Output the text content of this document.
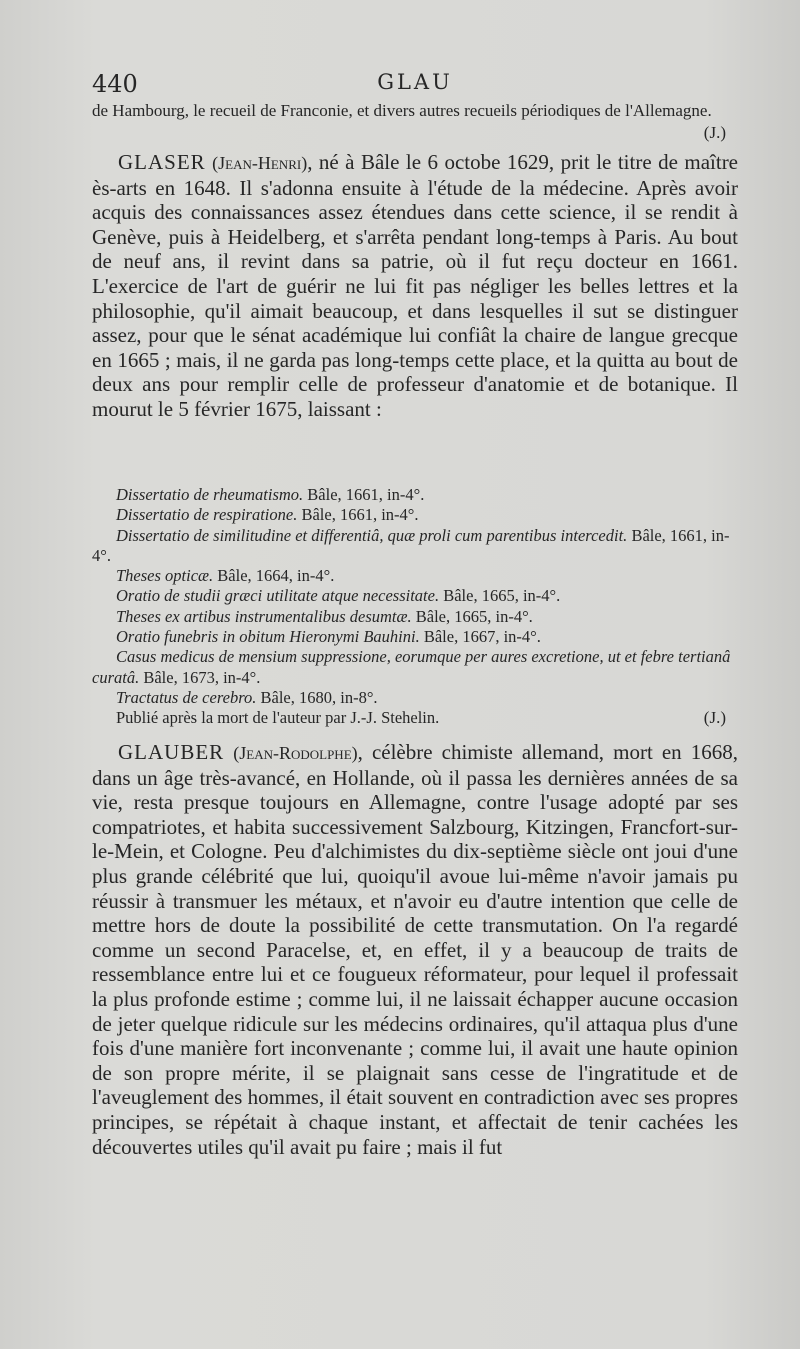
440	GLAU
de Hambourg, le recueil de Franconie, et divers autres recueils périodiques de l'Allemagne.
(J.)

GLASER (Jean-Henri), né à Bâle le 6 octobe 1629, prit le titre de maître ès-arts en 1648. Il s'adonna ensuite à l'étude de la médecine. Après avoir acquis des connaissances assez étendues dans cette science, il se rendit à Genève, puis à Heidelberg, et s'arrêta pendant long-temps à Paris. Au bout de neuf ans, il revint dans sa patrie, où il fut reçu docteur en 1661. L'exercice de l'art de guérir ne lui fit pas négliger les belles lettres et la philosophie, qu'il aimait beaucoup, et dans lesquelles il sut se distinguer assez, pour que le sénat académique lui confiât la chaire de langue grecque en 1665 ; mais, il ne garda pas long-temps cette place, et la quitta au bout de deux ans pour remplir celle de professeur d'anatomie et de botanique. Il mourut le 5 février 1675, laissant :

Dissertatio de rheumatismo. Bâle, 1661, in-4°.

Dissertatio de respiratione. Bâle, 1661, in-4°.

Dissertatio de similitudine et differentiâ, quæ proli cum parentibus intercedit. Bâle, 1661, in-4°.

Theses opticæ. Bâle, 1664, in-4°.

Oratio de studii græci utilitate atque necessitate. Bâle, 1665, in-4°.

Theses ex artibus instrumentalibus desumtæ. Bâle, 1665, in-4°.

Oratio funebris in obitum Hieronymi Bauhini. Bâle, 1667, in-4°.

Casus medicus de mensium suppressione, eorumque per aures excretione, ut et febre tertianâ curatâ. Bâle, 1673, in-4°.

Tractatus de cerebro. Bâle, 1680, in-8°.

Publié après la mort de l'auteur par J.-J. Stehelin.	(J.)

GLAUBER (Jean-Rodolphe), célèbre chimiste allemand, mort en 1668, dans un âge très-avancé, en Hollande, où il passa les dernières années de sa vie, resta presque toujours en Allemagne, contre l'usage adopté par ses compatriotes, et habita successivement Salzbourg, Kitzingen, Francfort-sur-le-Mein, et Cologne. Peu d'alchimistes du dix-septième siècle ont joui d'une plus grande célébrité que lui, quoiqu'il avoue lui-même n'avoir jamais pu réussir à transmuer les métaux, et n'avoir eu d'autre intention que celle de mettre hors de doute la possibilité de cette transmutation. On l'a regardé comme un second Paracelse, et, en effet, il y a beaucoup de traits de ressemblance entre lui et ce fougueux réformateur, pour lequel il professait la plus profonde estime ; comme lui, il ne laissait échapper aucune occasion de jeter quelque ridicule sur les médecins ordinaires, qu'il attaqua plus d'une fois d'une manière fort inconvenante ; comme lui, il avait une haute opinion de son propre mérite, il se plaignait sans cesse de l'ingratitude et de l'aveuglement des hommes, il était souvent en contradiction avec ses propres principes, se répétait à chaque instant, et affectait de tenir cachées les découvertes utiles qu'il avait pu faire ; mais il fut
